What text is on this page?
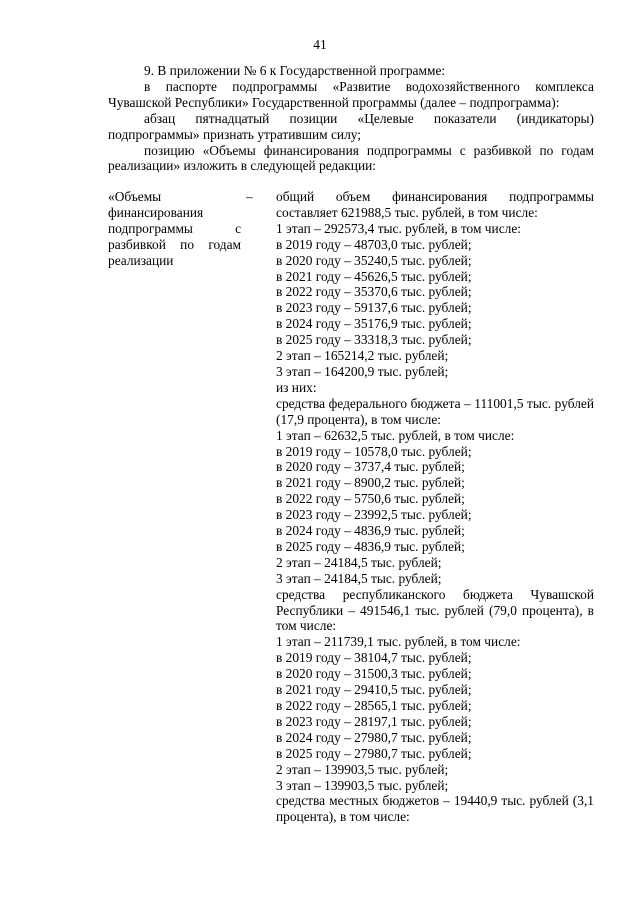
41

9. В приложении № 6 к Государственной программе:

в паспорте подпрограммы «Развитие водохозяйственного комплекса Чувашской Республики» Государственной программы (далее – подпрограмма):

абзац пятнадцатый позиции «Целевые показатели (индикаторы) подпрограммы» признать утратившим силу;

позицию «Объемы финансирования подпрограммы с разбивкой по годам реализации» изложить в следующей редакции:

«Объемы финансирования подпрограммы с разбивкой по годам реализации
–	общий объем финансирования подпрограммы составляет 621988,5 тыс. рублей, в том числе:

1 этап – 292573,4 тыс. рублей, в том числе:

в 2019 году – 48703,0 тыс. рублей;

в 2020 году – 35240,5 тыс. рублей;

в 2021 году – 45626,5 тыс. рублей;

в 2022 году – 35370,6 тыс. рублей;

в 2023 году – 59137,6 тыс. рублей;

в 2024 году – 35176,9 тыс. рублей;

в 2025 году – 33318,3 тыс. рублей;

2 этап – 165214,2 тыс. рублей;

3 этап – 164200,9 тыс. рублей;

из них:

средства федерального бюджета – 111001,5 тыс. рублей (17,9 процента), в том числе:

1 этап – 62632,5 тыс. рублей, в том числе:

в 2019 году – 10578,0 тыс. рублей;

в 2020 году – 3737,4 тыс. рублей;

в 2021 году – 8900,2 тыс. рублей;

в 2022 году – 5750,6 тыс. рублей;

в 2023 году – 23992,5 тыс. рублей;

в 2024 году – 4836,9 тыс. рублей;

в 2025 году – 4836,9 тыс. рублей;

2 этап – 24184,5 тыс. рублей;

3 этап – 24184,5 тыс. рублей;

средства республиканского бюджета Чувашской Республики – 491546,1 тыс. рублей (79,0 процента), в том числе:

1 этап – 211739,1 тыс. рублей, в том числе:

в 2019 году – 38104,7 тыс. рублей;

в 2020 году – 31500,3 тыс. рублей;

в 2021 году – 29410,5 тыс. рублей;

в 2022 году – 28565,1 тыс. рублей;

в 2023 году – 28197,1 тыс. рублей;

в 2024 году – 27980,7 тыс. рублей;

в 2025 году – 27980,7 тыс. рублей;

2 этап – 139903,5 тыс. рублей;

3 этап – 139903,5 тыс. рублей;

средства местных бюджетов – 19440,9 тыс. рублей (3,1 процента), в том числе:
